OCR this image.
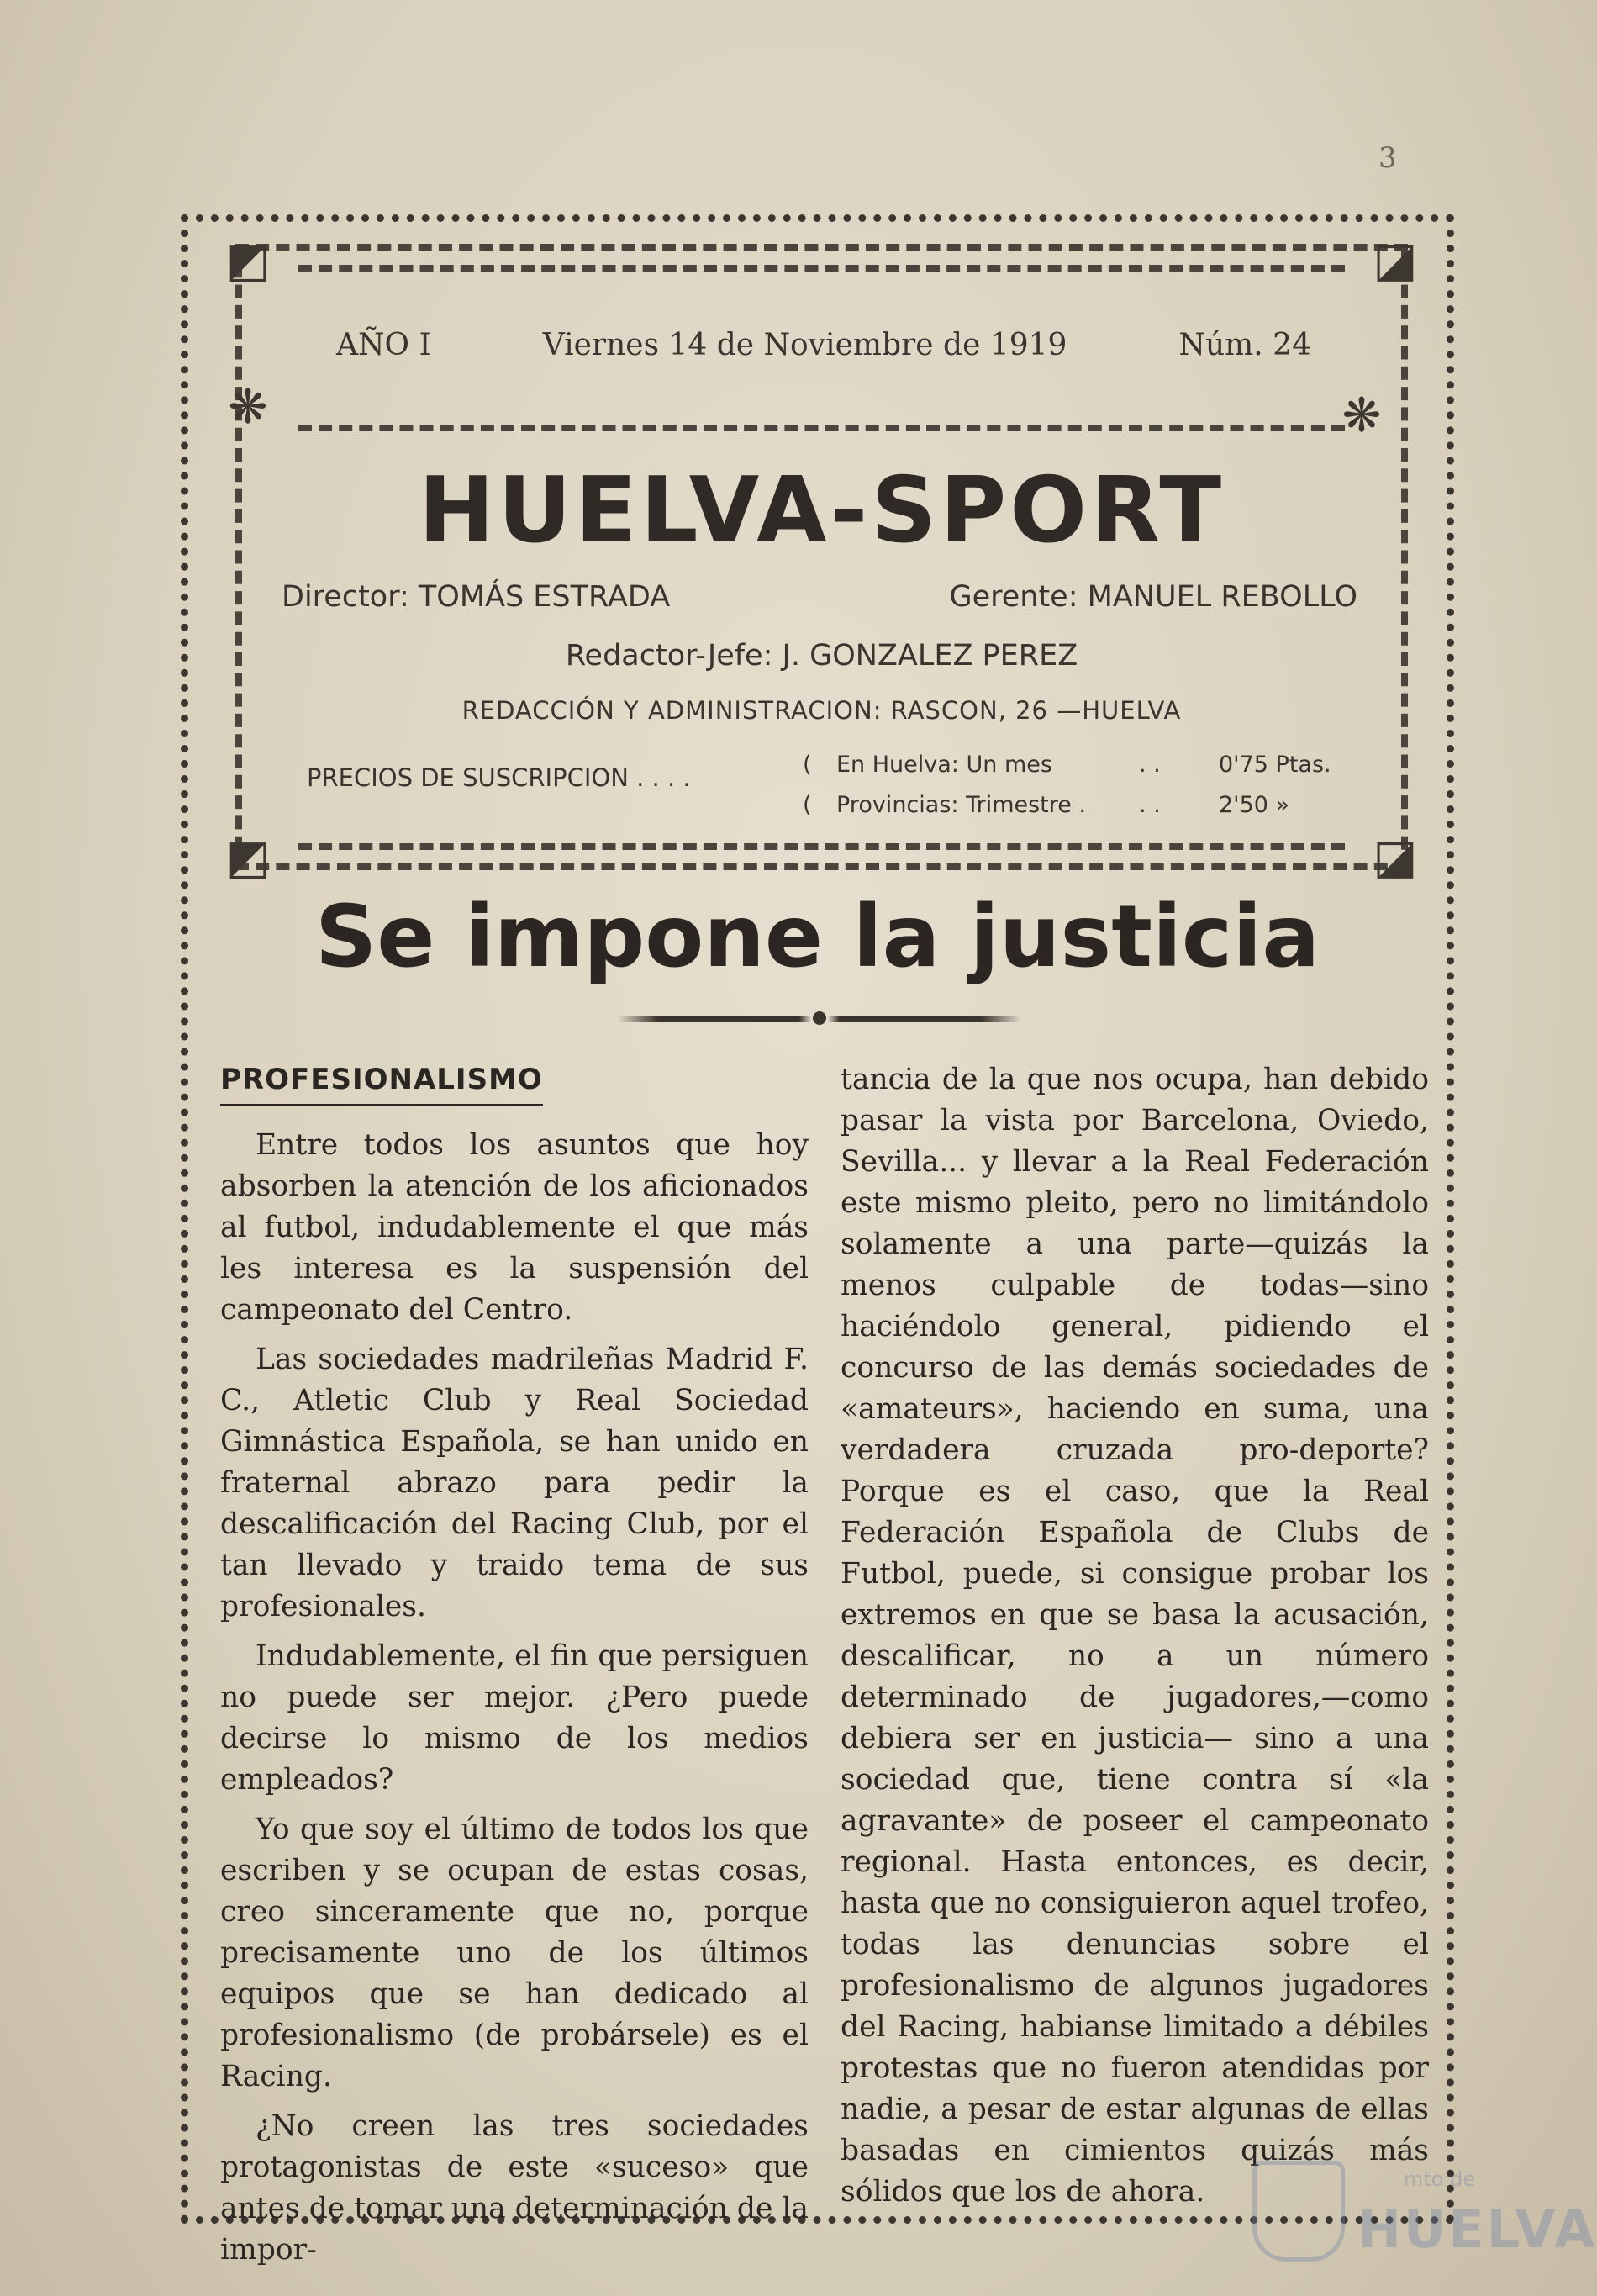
3
◩	◪
❋	❋
◩	◪
AÑO I	Viernes 14 de Noviembre de 1919	Núm. 24
HUELVA-SPORT
Director: TOMÁS ESTRADA	Gerente: MANUEL REBOLLO
Redactor-Jefe: J. GONZALEZ PEREZ
REDACCIÓN Y ADMINISTRACION: RASCON, 26 —HUELVA
PRECIOS DE SUSCRIPCION . . . .	(	En Huelva: Un mes	. .	0'75 Ptas.
(	Provincias: Trimestre .	. .	2'50 »
Se impone la justicia
PROFESIONALISMO

Entre todos los asuntos que hoy absorben la atención de los aficionados al futbol, indudablemente el que más les interesa es la suspensión del campeonato del Centro.

Las sociedades madrileñas Madrid F. C., Atletic Club y Real Sociedad Gimnástica Española, se han unido en fraternal abrazo para pedir la descalificación del Racing Club, por el tan llevado y traido tema de sus profesionales.

Indudablemente, el fin que persiguen no puede ser mejor. ¿Pero puede decirse lo mismo de los medios empleados?

Yo que soy el último de todos los que escriben y se ocupan de estas cosas, creo sinceramente que no, porque precisamente uno de los últimos equipos que se han dedicado al profesionalismo (de probársele) es el Racing.

¿No creen las tres sociedades protagonistas de este «suceso» que antes de tomar una determinación de la impor-

tancia de la que nos ocupa, han debido pasar la vista por Barcelona, Oviedo, Sevilla... y llevar a la Real Federación este mismo pleito, pero no limitándolo solamente a una parte—quizás la menos culpable de todas—sino haciéndolo general, pidiendo el concurso de las demás sociedades de «amateurs», haciendo en suma, una verdadera cruzada pro-deporte? Porque es el caso, que la Real Federación Española de Clubs de Futbol, puede, si consigue probar los extremos en que se basa la acusación, descalificar, no a un número determinado de jugadores,—como debiera ser en justicia— sino a una sociedad que, tiene contra sí «la agravante» de poseer el campeonato regional. Hasta entonces, es decir, hasta que no consiguieron aquel trofeo, todas las denuncias sobre el profesionalismo de algunos jugadores del Racing, habianse limitado a débiles protestas que no fueron atendidas por nadie, a pesar de estar algunas de ellas basadas en cimientos quizás más sólidos que los de ahora.	mto de
HUELVA
